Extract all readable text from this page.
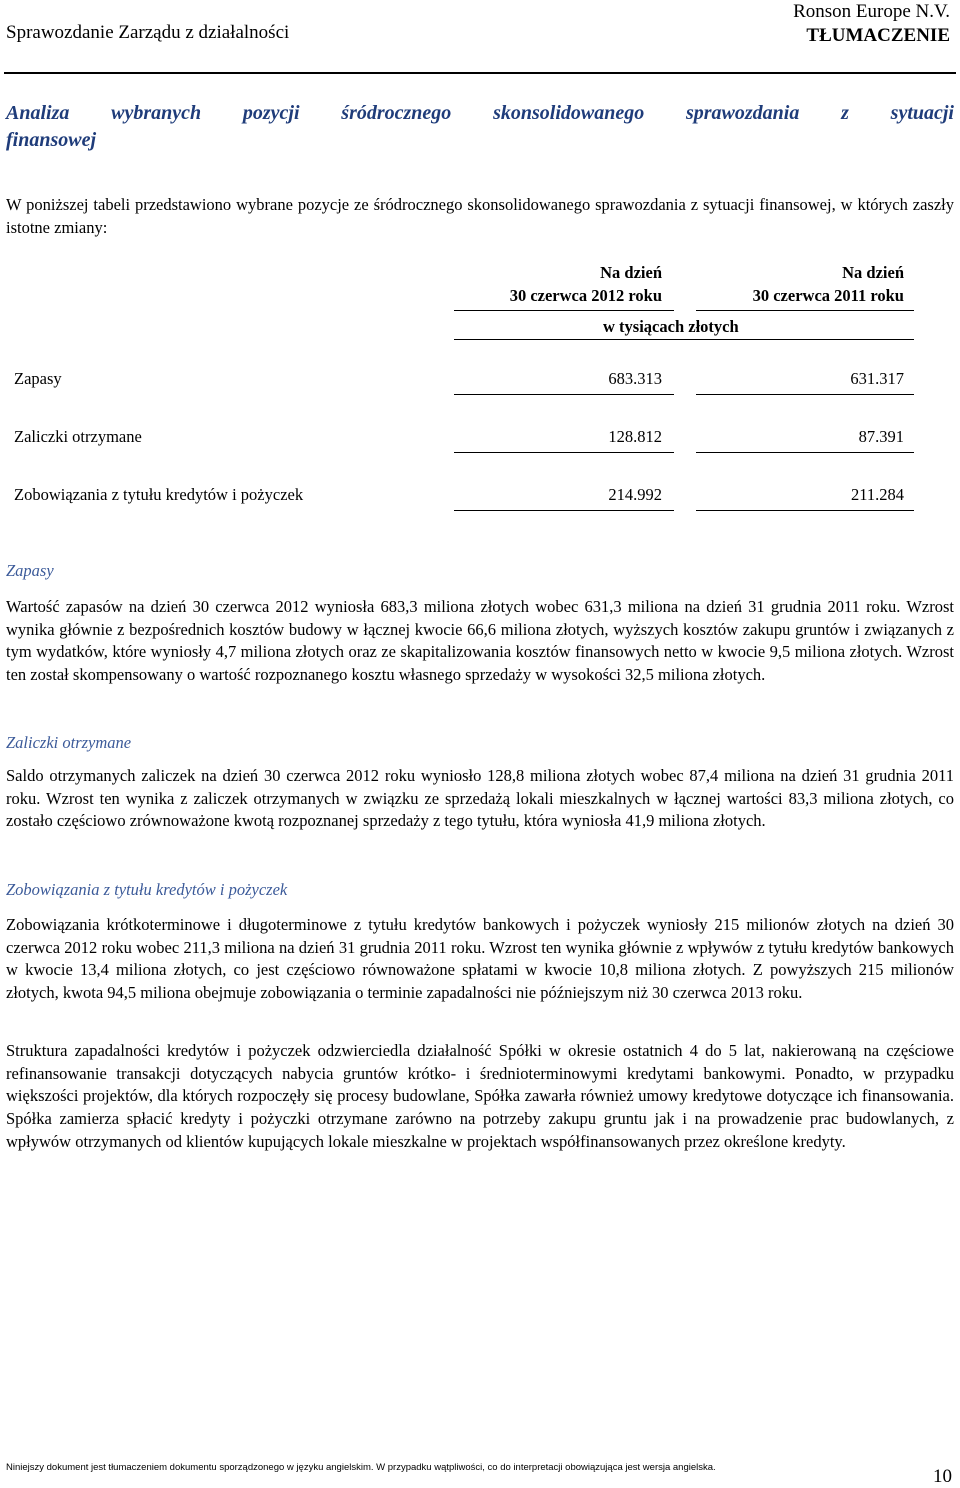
Sprawozdanie Zarządu z działalności
Ronson Europe N.V.
TŁUMACZENIE
Analiza wybranych pozycji śródrocznego skonsolidowanego sprawozdania z sytuacji
finansowej
W poniższej tabeli przedstawiono wybrane pozycje ze śródrocznego skonsolidowanego sprawozdania z sytuacji finansowej, w których zaszły istotne zmiany:
Na dzień
30 czerwca 2012 roku
Na dzień
30 czerwca 2011 roku
w tysiącach złotych
Zapasy	683.313	631.317
Zaliczki otrzymane	128.812	87.391
Zobowiązania z tytułu kredytów i pożyczek	214.992	211.284
Zapasy
Wartość zapasów na dzień 30 czerwca 2012 wyniosła 683,3 miliona złotych wobec 631,3 miliona na dzień 31 grudnia 2011 roku. Wzrost wynika głównie z bezpośrednich kosztów budowy w łącznej kwocie 66,6 miliona złotych, wyższych kosztów zakupu gruntów i związanych z tym wydatków, które wyniosły 4,7 miliona złotych oraz ze skapitalizowania kosztów finansowych netto w kwocie 9,5 miliona złotych. Wzrost ten został skompensowany o wartość rozpoznanego kosztu własnego sprzedaży w wysokości 32,5 miliona złotych.
Zaliczki otrzymane
Saldo otrzymanych zaliczek na dzień 30 czerwca 2012 roku wyniosło 128,8 miliona złotych wobec 87,4 miliona na dzień 31 grudnia 2011 roku. Wzrost ten wynika z zaliczek otrzymanych w związku ze sprzedażą lokali mieszkalnych w łącznej wartości 83,3 miliona złotych, co zostało częściowo zrównoważone kwotą rozpoznanej sprzedaży z tego tytułu, która wyniosła 41,9 miliona złotych.
Zobowiązania z tytułu kredytów i pożyczek
Zobowiązania krótkoterminowe i długoterminowe z tytułu kredytów bankowych i pożyczek wyniosły 215 milionów złotych na dzień 30 czerwca 2012 roku wobec 211,3 miliona na dzień 31 grudnia 2011 roku. Wzrost ten wynika głównie z wpływów z tytułu kredytów bankowych w kwocie 13,4 miliona złotych, co jest częściowo równoważone spłatami w kwocie 10,8 miliona złotych. Z powyższych 215 milionów złotych, kwota 94,5 miliona obejmuje zobowiązania o terminie zapadalności nie późniejszym niż 30 czerwca 2013 roku.
Struktura zapadalności kredytów i pożyczek odzwierciedla działalność Spółki w okresie ostatnich 4 do 5 lat, nakierowaną na częściowe refinansowanie transakcji dotyczących nabycia gruntów krótko- i średnioterminowymi kredytami bankowymi. Ponadto, w przypadku większości projektów, dla których rozpoczęły się procesy budowlane, Spółka zawarła również umowy kredytowe dotyczące ich finansowania. Spółka zamierza spłacić kredyty i pożyczki otrzymane zarówno na potrzeby zakupu gruntu jak i na prowadzenie prac budowlanych, z wpływów otrzymanych od klientów kupujących lokale mieszkalne w projektach współfinansowanych przez określone kredyty.
Niniejszy dokument jest tłumaczeniem dokumentu sporządzonego w języku angielskim. W przypadku wątpliwości, co do interpretacji obowiązująca jest wersja angielska.	10
